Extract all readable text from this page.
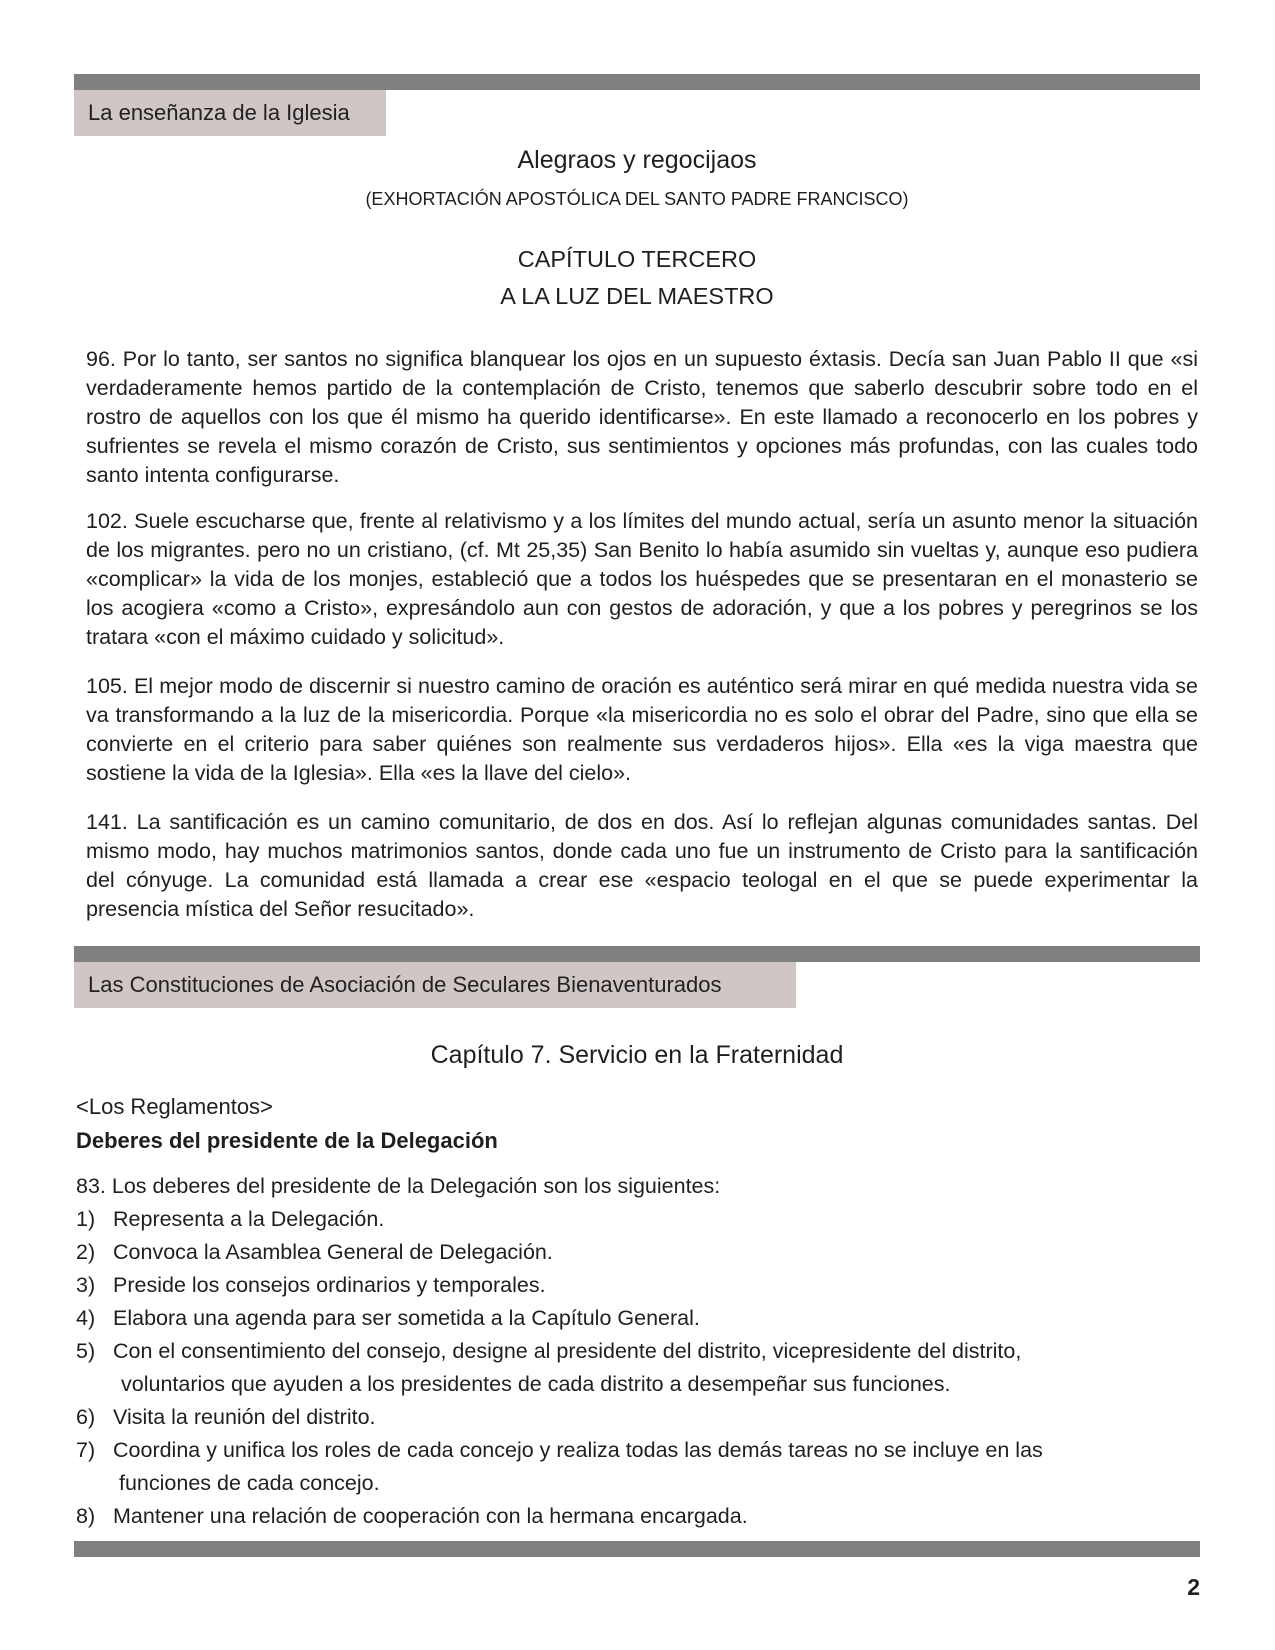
La enseñanza de la Iglesia
Alegraos y regocijaos
(EXHORTACIÓN APOSTÓLICA DEL SANTO PADRE FRANCISCO)
CAPÍTULO TERCERO
A LA LUZ DEL MAESTRO

96. Por lo tanto, ser santos no significa blanquear los ojos en un supuesto éxtasis. Decía san Juan Pablo II que «si verdaderamente hemos partido de la contemplación de Cristo, tenemos que saberlo descubrir sobre todo en el rostro de aquellos con los que él mismo ha querido identificarse». En este llamado a reconocerlo en los pobres y sufrientes se revela el mismo corazón de Cristo, sus sentimientos y opciones más profundas, con las cuales todo santo intenta configurarse.

102. Suele escucharse que, frente al relativismo y a los límites del mundo actual, sería un asunto menor la situación de los migrantes. pero no un cristiano, (cf. Mt 25,35) San Benito lo había asumido sin vueltas y, aunque eso pudiera «complicar» la vida de los monjes, estableció que a todos los huéspedes que se presentaran en el monasterio se los acogiera «como a Cristo», expresándolo aun con gestos de adoración, y que a los pobres y peregrinos se los tratara «con el máximo cuidado y solicitud».

105. El mejor modo de discernir si nuestro camino de oración es auténtico será mirar en qué medida nuestra vida se va transformando a la luz de la misericordia. Porque «la misericordia no es solo el obrar del Padre, sino que ella se convierte en el criterio para saber quiénes son realmente sus verdaderos hijos». Ella «es la viga maestra que sostiene la vida de la Iglesia». Ella «es la llave del cielo».

141. La santificación es un camino comunitario, de dos en dos. Así lo reflejan algunas comunidades santas. Del mismo modo, hay muchos matrimonios santos, donde cada uno fue un instrumento de Cristo para la santificación del cónyuge. La comunidad está llamada a crear ese «espacio teologal en el que se puede experimentar la presencia mística del Señor resucitado».

Las Constituciones de Asociación de Seculares Bienaventurados
Capítulo 7. Servicio en la Fraternidad
<Los Reglamentos>
Deberes del presidente de la Delegación
83. Los deberes del presidente de la Delegación son los siguientes:
1) Representa a la Delegación.
2) Convoca la Asamblea General de Delegación.
3) Preside los consejos ordinarios y temporales.
4) Elabora una agenda para ser sometida a la Capítulo General.
5) Con el consentimiento del consejo, designe al presidente del distrito, vicepresidente del distrito,
voluntarios que ayuden a los presidentes de cada distrito a desempeñar sus funciones.
6) Visita la reunión del distrito.
7) Coordina y unifica los roles de cada concejo y realiza todas las demás tareas no se incluye en las
funciones de cada concejo.
8) Mantener una relación de cooperación con la hermana encargada.
2
